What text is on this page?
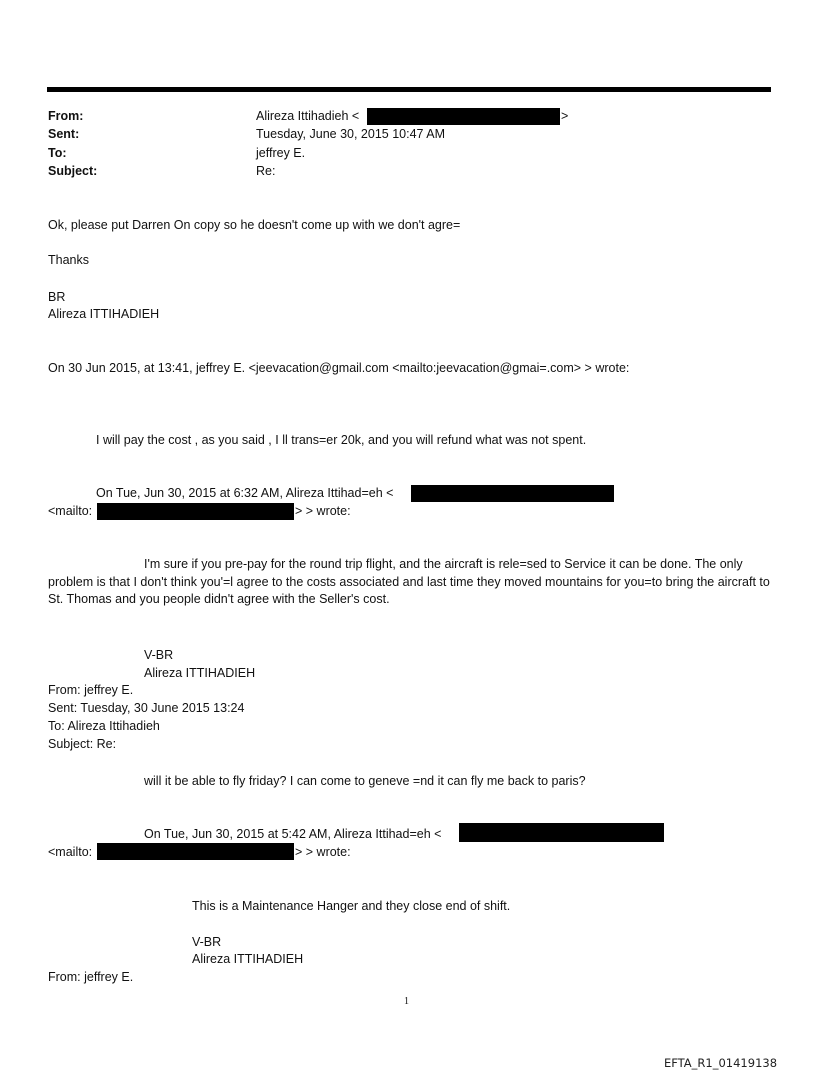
From:	Alireza Ittihadieh <	>
Sent:	Tuesday, June 30, 2015 10:47 AM
To:	jeffrey E.
Subject:	Re:
Ok, please put Darren On copy so he doesn't come up with we don't agre=
Thanks
BR
Alireza ITTIHADIEH
On 30 Jun 2015, at 13:41, jeffrey E. <jeevacation@gmail.com <mailto:jeevacation@gmai=.com> > wrote:
I will pay the cost , as you said , I ll trans=er 20k, and you will refund what was not spent.
On Tue, Jun 30, 2015 at 6:32 AM, Alireza Ittihad=eh <
<mailto:	> > wrote:
I'm sure if you pre-pay for the round trip flight, and the aircraft is rele=sed to Service it can be done. The only problem is that I don't think you'=l agree to the costs associated and last time they moved mountains for you=to bring the aircraft to St. Thomas and you people didn't agree with the Seller's cost.
V-BR
Alireza ITTIHADIEH
From: jeffrey E.
Sent: Tuesday, 30 June 2015 13:24
To: Alireza Ittihadieh
Subject: Re:
will it be able to fly friday? I can come to geneve =nd it can fly me back to paris?
On Tue, Jun 30, 2015 at 5:42 AM, Alireza Ittihad=eh <
<mailto:	> > wrote:
This is a Maintenance Hanger and they close end of shift.
V-BR
Alireza ITTIHADIEH
From: jeffrey E.
1
EFTA_R1_01419138
